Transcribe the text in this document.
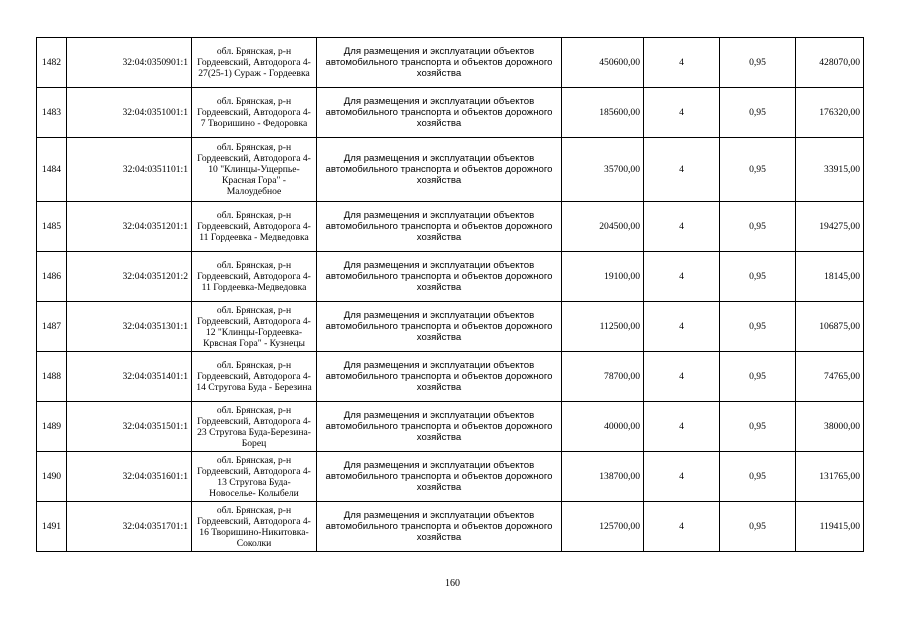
1482	32:04:0350901:1	обл. Брянская, р-н Гордеевский, Автодорога 4-27(25-1) Сураж - Гордеевка	Для размещения и эксплуатации объектов автомобильного транспорта и объектов дорожного хозяйства	450600,00	4	0,95	428070,00
1483	32:04:0351001:1	обл. Брянская, р-н Гордеевский, Автодорога 4-7 Творишино - Федоровка	Для размещения и эксплуатации объектов автомобильного транспорта и объектов дорожного хозяйства	185600,00	4	0,95	176320,00
1484	32:04:0351101:1	обл. Брянская, р-н Гордеевский, Автодорога 4-10 "Клинцы-Ущерпье-Красная Гора" - Малоудебное	Для размещения и эксплуатации объектов автомобильного транспорта и объектов дорожного хозяйства	35700,00	4	0,95	33915,00
1485	32:04:0351201:1	обл. Брянская, р-н Гордеевский, Автодорога 4-11 Гордеевка - Медведовка	Для размещения и эксплуатации объектов автомобильного транспорта и объектов дорожного хозяйства	204500,00	4	0,95	194275,00
1486	32:04:0351201:2	обл. Брянская, р-н Гордеевский, Автодорога 4-11 Гордеевка-Медведовка	Для размещения и эксплуатации объектов автомобильного транспорта и объектов дорожного хозяйства	19100,00	4	0,95	18145,00
1487	32:04:0351301:1	обл. Брянская, р-н Гордеевский, Автодорога 4-12 "Клинцы-Гордеевка-Крвсная Гора" - Кузнецы	Для размещения и эксплуатации объектов автомобильного транспорта и объектов дорожного хозяйства	112500,00	4	0,95	106875,00
1488	32:04:0351401:1	обл. Брянская, р-н Гордеевский, Автодорога 4-14 Стругова Буда - Березина	Для размещения и эксплуатации объектов автомобильного транспорта и объектов дорожного хозяйства	78700,00	4	0,95	74765,00
1489	32:04:0351501:1	обл. Брянская, р-н Гордеевский, Автодорога 4-23 Стругова Буда-Березина-Борец	Для размещения и эксплуатации объектов автомобильного транспорта и объектов дорожного хозяйства	40000,00	4	0,95	38000,00
1490	32:04:0351601:1	обл. Брянская, р-н Гордеевский, Автодорога 4-13 Стругова Буда-Новоселье- Колыбели	Для размещения и эксплуатации объектов автомобильного транспорта и объектов дорожного хозяйства	138700,00	4	0,95	131765,00
1491	32:04:0351701:1	обл. Брянская, р-н Гордеевский, Автодорога 4-16 Творишино-Никитовка- Соколки	Для размещения и эксплуатации объектов автомобильного транспорта и объектов дорожного хозяйства	125700,00	4	0,95	119415,00
160
